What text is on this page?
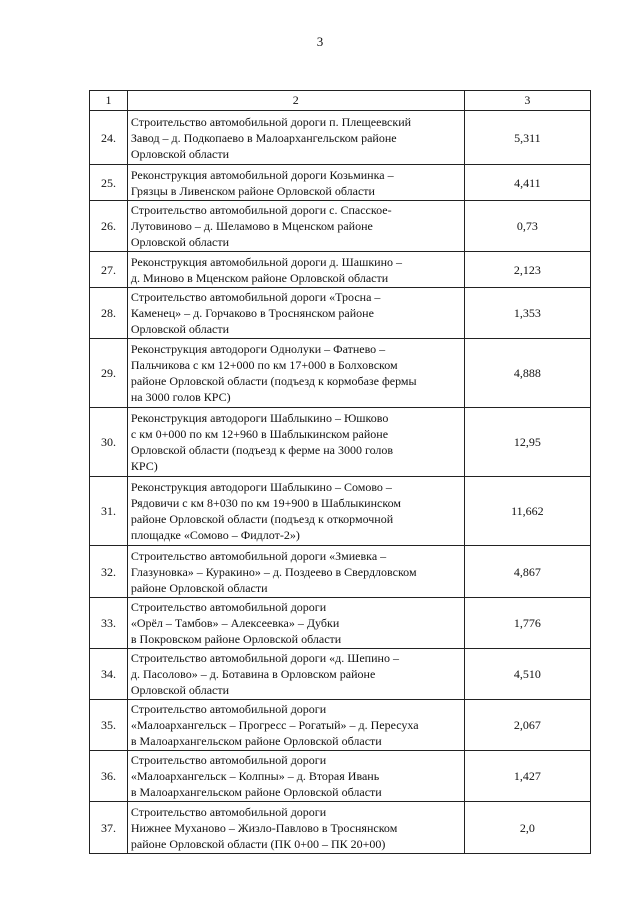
3
1	2	3
24.	Строительство автомобильной дороги п. Плещеевский
Завод – д. Подкопаево в Малоархангельском районе
Орловской области	5,311
25.	Реконструкция автомобильной дороги Козьминка –
Грязцы в Ливенском районе Орловской области	4,411
26.	Строительство автомобильной дороги с. Спасское-
Лутовиново – д. Шеламово в Мценском районе
Орловской области	0,73
27.	Реконструкция автомобильной дороги д. Шашкино –
д. Миново в Мценском районе Орловской области	2,123
28.	Строительство автомобильной дороги «Тросна –
Каменец» – д. Горчаково в Троснянском районе
Орловской области	1,353
29.	Реконструкция автодороги Однолуки – Фатнево –
Пальчикова с км 12+000 по км 17+000 в Болховском
районе Орловской области (подъезд к кормобазе фермы
на 3000 голов КРС)	4,888
30.	Реконструкция автодороги Шаблыкино – Юшково
с км 0+000 по км 12+960 в Шаблыкинском районе
Орловской области (подъезд к ферме на 3000 голов
КРС)	12,95
31.	Реконструкция автодороги Шаблыкино – Сомово –
Рядовичи с км 8+030 по км 19+900 в Шаблыкинском
районе Орловской области (подъезд к откормочной
площадке «Сомово – Фидлот-2»)	11,662
32.	Строительство автомобильной дороги «Змиевка –
Глазуновка» – Куракино» – д. Поздеево в Свердловском
районе Орловской области	4,867
33.	Строительство автомобильной дороги
«Орёл – Тамбов» – Алексеевка» – Дубки
в Покровском районе Орловской области	1,776
34.	Строительство автомобильной дороги «д. Шепино –
д. Пасолово» – д. Ботавина в Орловском районе
Орловской области	4,510
35.	Строительство автомобильной дороги
«Малоархангельск – Прогресс – Рогатый» – д. Пересуха
в Малоархангельском районе Орловской области	2,067
36.	Строительство автомобильной дороги
«Малоархангельск – Колпны» – д. Вторая Ивань
в Малоархангельском районе Орловской области	1,427
37.	Строительство автомобильной дороги
Нижнее Муханово – Жизло-Павлово в Троснянском
районе Орловской области (ПК 0+00 – ПК 20+00)	2,0
